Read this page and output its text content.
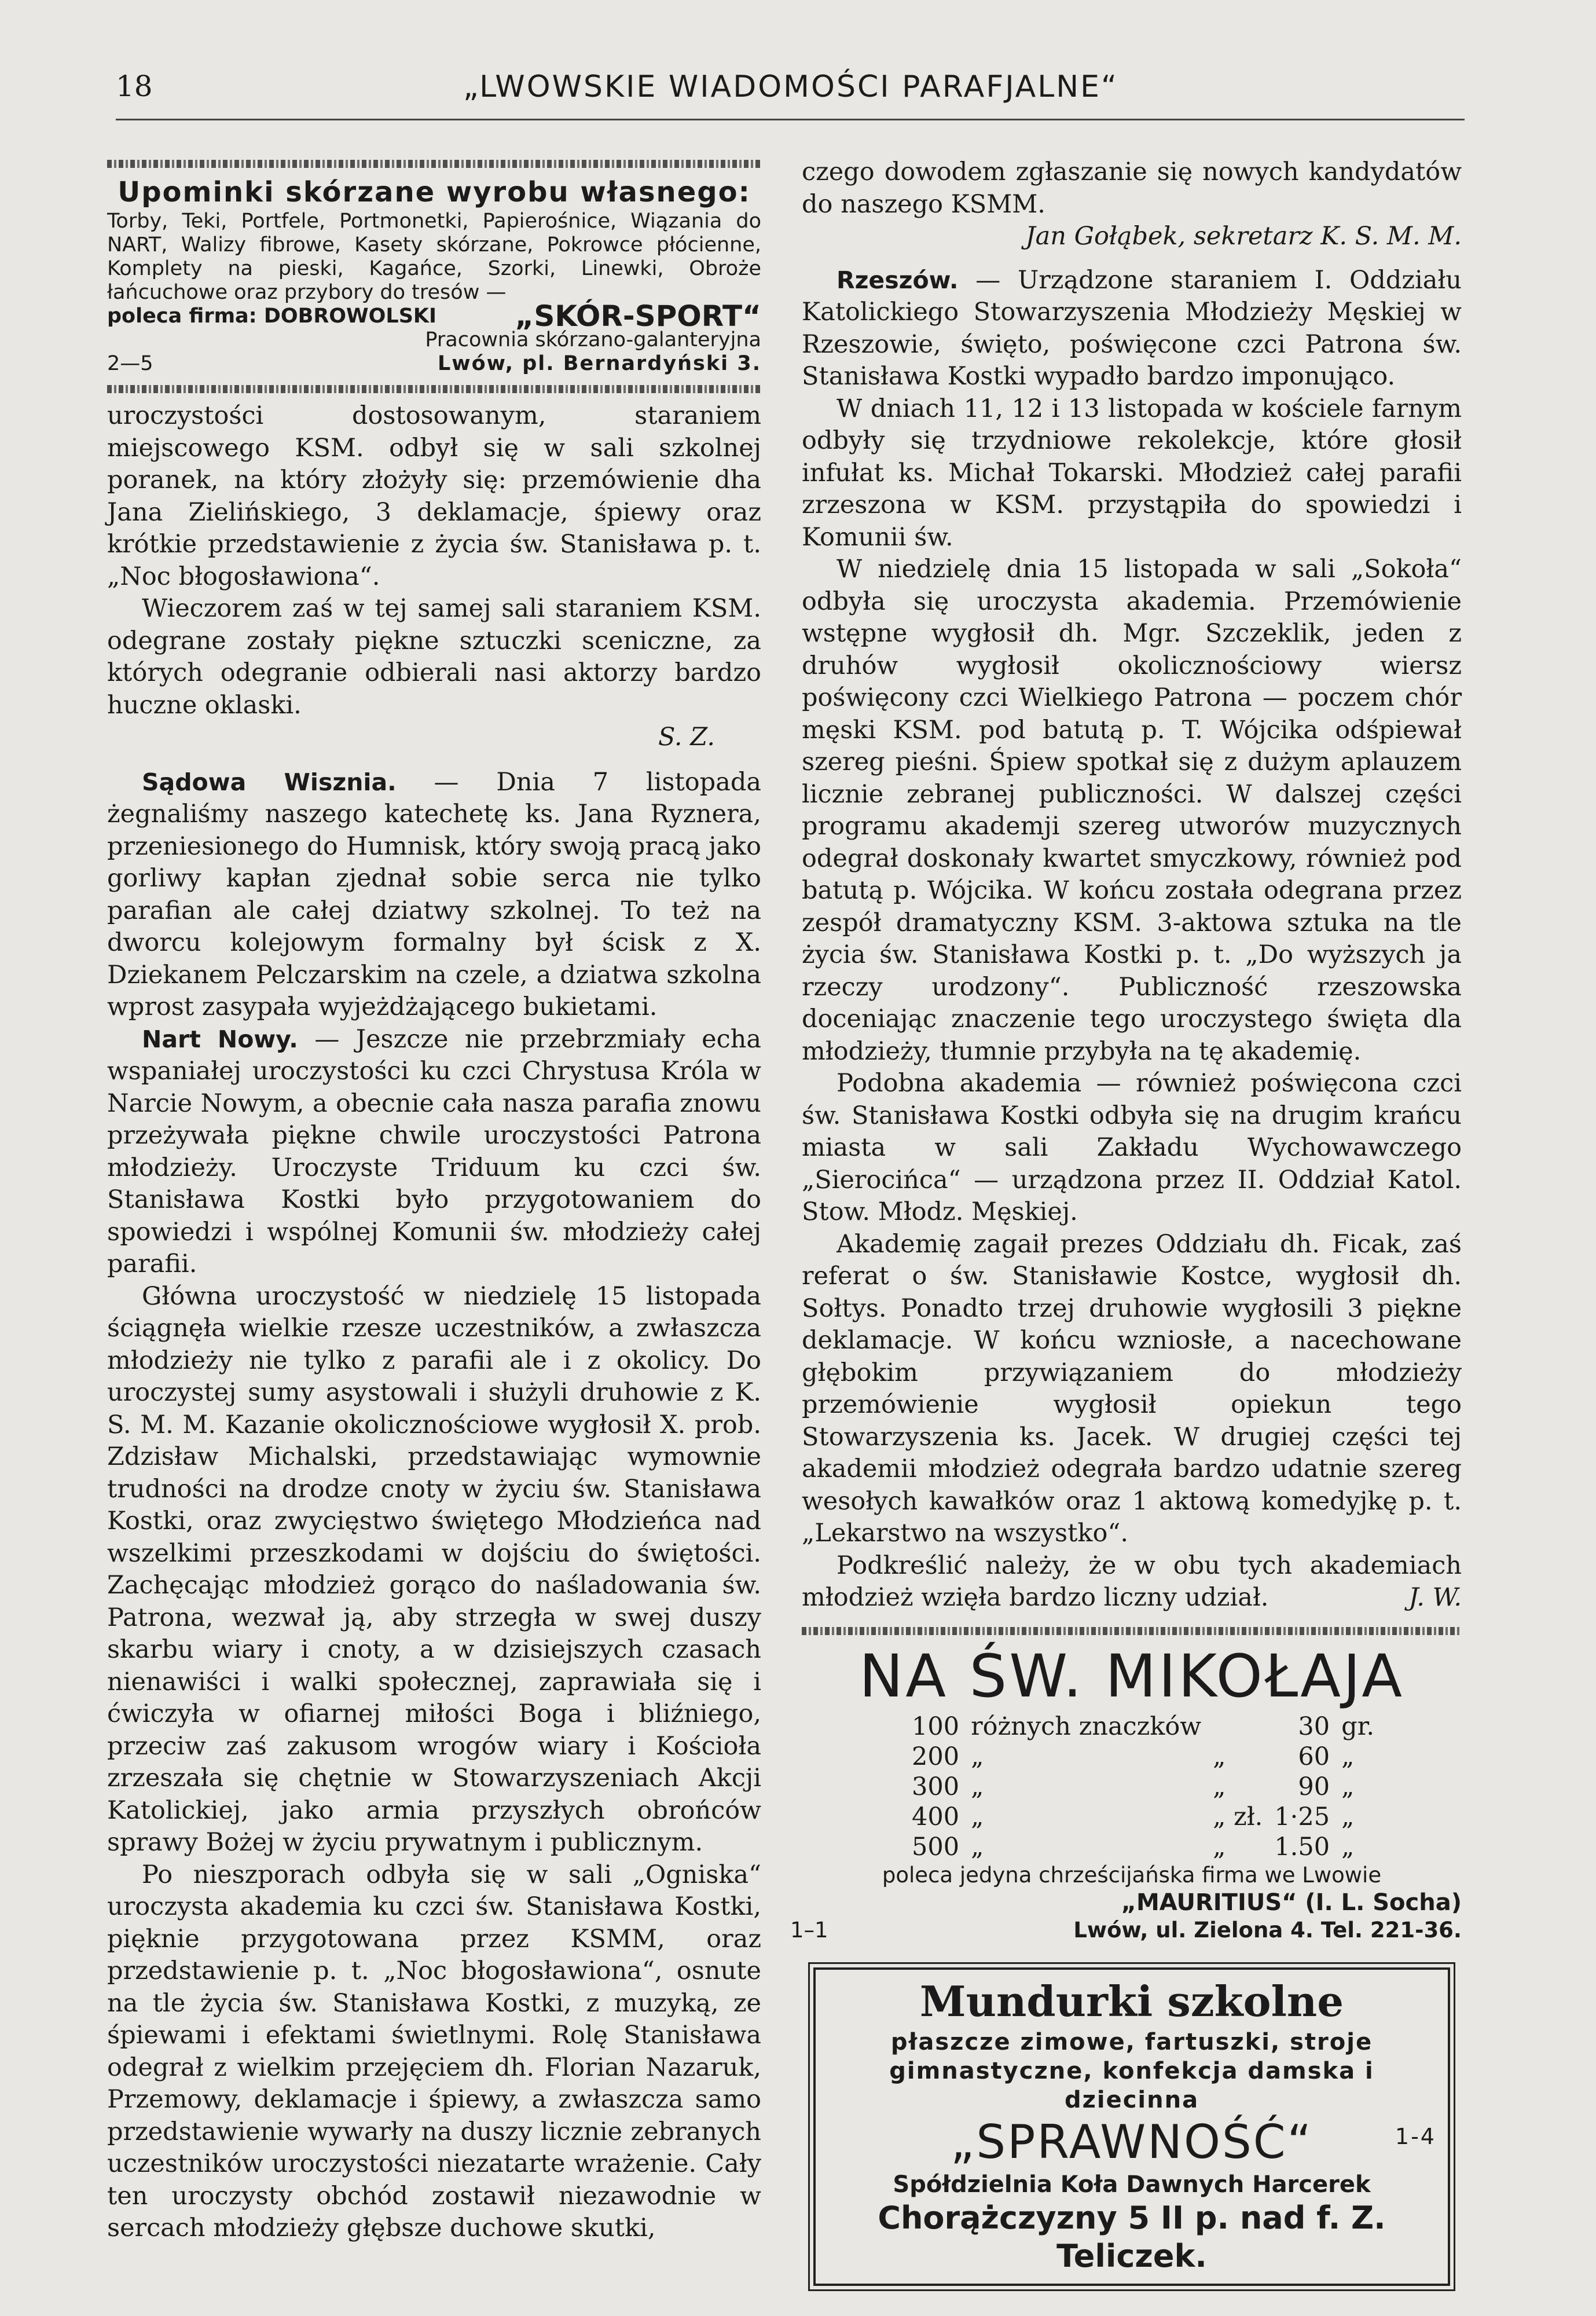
18	„LWOWSKIE WIADOMOŚCI PARAFJALNE“
Upominki skórzane wyrobu własnego:
Torby, Teki, Portfele, Portmonetki, Papierośnice, Wiązania do NART, Walizy fibrowe, Kasety skórzane, Pokrowce płócienne, Komplety na pieski, Kagańce, Szorki, Linewki, Obroże łańcuchowe oraz przybory do tresów —
poleca firma: DOBROWOLSKI	„SKÓR-SPORT“
Pracownia skórzano-galanteryjna
2—5	Lwów, pl. Bernardyński 3.

uroczystości dostosowanym, staraniem miejscowego KSM. odbył się w sali szkolnej poranek, na który złożyły się: przemówienie dha Jana Zielińskiego, 3 deklamacje, śpiewy oraz krótkie przedstawienie z życia św. Stanisława p. t. „Noc błogosławiona“.

Wieczorem zaś w tej samej sali staraniem KSM. odegrane zostały piękne sztuczki sceniczne, za których odegranie odbierali nasi aktorzy bardzo huczne oklaski.

S. Z.

Sądowa Wisznia. — Dnia 7 listopada żegnaliśmy naszego katechetę ks. Jana Ryznera, przeniesionego do Humnisk, który swoją pracą jako gorliwy kapłan zjednał sobie serca nie tylko parafian ale całej dziatwy szkolnej. To też na dworcu kolejowym formalny był ścisk z X. Dziekanem Pelczarskim na czele, a dziatwa szkolna wprost zasypała wyjeżdżającego bukietami.

Nart Nowy. — Jeszcze nie przebrzmiały echa wspaniałej uroczystości ku czci Chrystusa Króla w Narcie Nowym, a obecnie cała nasza parafia znowu przeżywała piękne chwile uroczystości Patrona młodzieży. Uroczyste Triduum ku czci św. Stanisława Kostki było przygotowaniem do spowiedzi i wspólnej Komunii św. młodzieży całej parafii.

Główna uroczystość w niedzielę 15 listopada ściągnęła wielkie rzesze uczestników, a zwłaszcza młodzieży nie tylko z parafii ale i z okolicy. Do uroczystej sumy asystowali i służyli druhowie z K. S. M. M. Kazanie okolicznościowe wygłosił X. prob. Zdzisław Michalski, przedstawiając wymownie trudności na drodze cnoty w życiu św. Stanisława Kostki, oraz zwycięstwo świętego Młodzieńca nad wszelkimi przeszkodami w dojściu do świętości. Zachęcając młodzież gorąco do naśladowania św. Patrona, wezwał ją, aby strzegła w swej duszy skarbu wiary i cnoty, a w dzisiejszych czasach nienawiści i walki społecznej, zaprawiała się i ćwiczyła w ofiarnej miłości Boga i bliźniego, przeciw zaś zakusom wrogów wiary i Kościoła zrzeszała się chętnie w Stowarzyszeniach Akcji Katolickiej, jako armia przyszłych obrońców sprawy Bożej w życiu prywatnym i publicznym.

Po nieszporach odbyła się w sali „Ogniska“ uroczysta akademia ku czci św. Stanisława Kostki, pięknie przygotowana przez KSMM, oraz przedstawienie p. t. „Noc błogosławiona“, osnute na tle życia św. Stanisława Kostki, z muzyką, ze śpiewami i efektami świetlnymi. Rolę Stanisława odegrał z wielkim przejęciem dh. Florian Nazaruk, Przemowy, deklamacje i śpiewy, a zwłaszcza samo przedstawienie wywarły na duszy licznie zebranych uczestników uroczystości niezatarte wrażenie. Cały ten uroczysty obchód zostawił niezawodnie w sercach młodzieży głębsze duchowe skutki,

czego dowodem zgłaszanie się nowych kandydatów do naszego KSMM.

Jan Gołąbek, sekretarz K. S. M. M.

Rzeszów. — Urządzone staraniem I. Oddziału Katolickiego Stowarzyszenia Młodzieży Męskiej w Rzeszowie, święto, poświęcone czci Patrona św. Stanisława Kostki wypadło bardzo imponująco.

W dniach 11, 12 i 13 listopada w kościele farnym odbyły się trzydniowe rekolekcje, które głosił infułat ks. Michał Tokarski. Młodzież całej parafii zrzeszona w KSM. przystąpiła do spowiedzi i Komunii św.

W niedzielę dnia 15 listopada w sali „Sokoła“ odbyła się uroczysta akademia. Przemówienie wstępne wygłosił dh. Mgr. Szczeklik, jeden z druhów wygłosił okolicznościowy wiersz poświęcony czci Wielkiego Patrona — poczem chór męski KSM. pod batutą p. T. Wójcika odśpiewał szereg pieśni. Śpiew spotkał się z dużym aplauzem licznie zebranej publiczności. W dalszej części programu akademji szereg utworów muzycznych odegrał doskonały kwartet smyczkowy, również pod batutą p. Wójcika. W końcu została odegrana przez zespół dramatyczny KSM. 3-aktowa sztuka na tle życia św. Stanisława Kostki p. t. „Do wyższych ja rzeczy urodzony“. Publiczność rzeszowska doceniając znaczenie tego uroczystego święta dla młodzieży, tłumnie przybyła na tę akademię.

Podobna akademia — również poświęcona czci św. Stanisława Kostki odbyła się na drugim krańcu miasta w sali Zakładu Wychowawczego „Sierocińca“ — urządzona przez II. Oddział Katol. Stow. Młodz. Męskiej.

Akademię zagaił prezes Oddziału dh. Ficak, zaś referat o św. Stanisławie Kostce, wygłosił dh. Sołtys. Ponadto trzej druhowie wygłosili 3 piękne deklamacje. W końcu wzniosłe, a nacechowane głębokim przywiązaniem do młodzieży przemówienie wygłosił opiekun tego Stowarzyszenia ks. Jacek. W drugiej części tej akademii młodzież odegrała bardzo udatnie szereg wesołych kawałków oraz 1 aktową komedyjkę p. t. „Lekarstwo na wszystko“.

Podkreślić należy, że w obu tych akademiach młodzież wzięła bardzo liczny udział.	J. W.

NA ŚW. MIKOŁAJA
100	różnych znaczków		30	gr.
200	„	„	60	„
300	„	„	90	„
400	„	„ zł.	1·25	„
500	„	„	1.50	„
poleca jedyna chrześcijańska firma we Lwowie
„MAURITIUS“ (I. L. Socha)
1–1	Lwów, ul. Zielona 4. Tel. 221-36.
Mundurki szkolne
płaszcze zimowe, fartuszki, stroje gimnastyczne, konfekcja damska i dziecinna
„SPRAWNOŚĆ“	1-4
Spółdzielnia Koła Dawnych Harcerek
Chorążczyzny 5 II p. nad f. Z. Teliczek.
